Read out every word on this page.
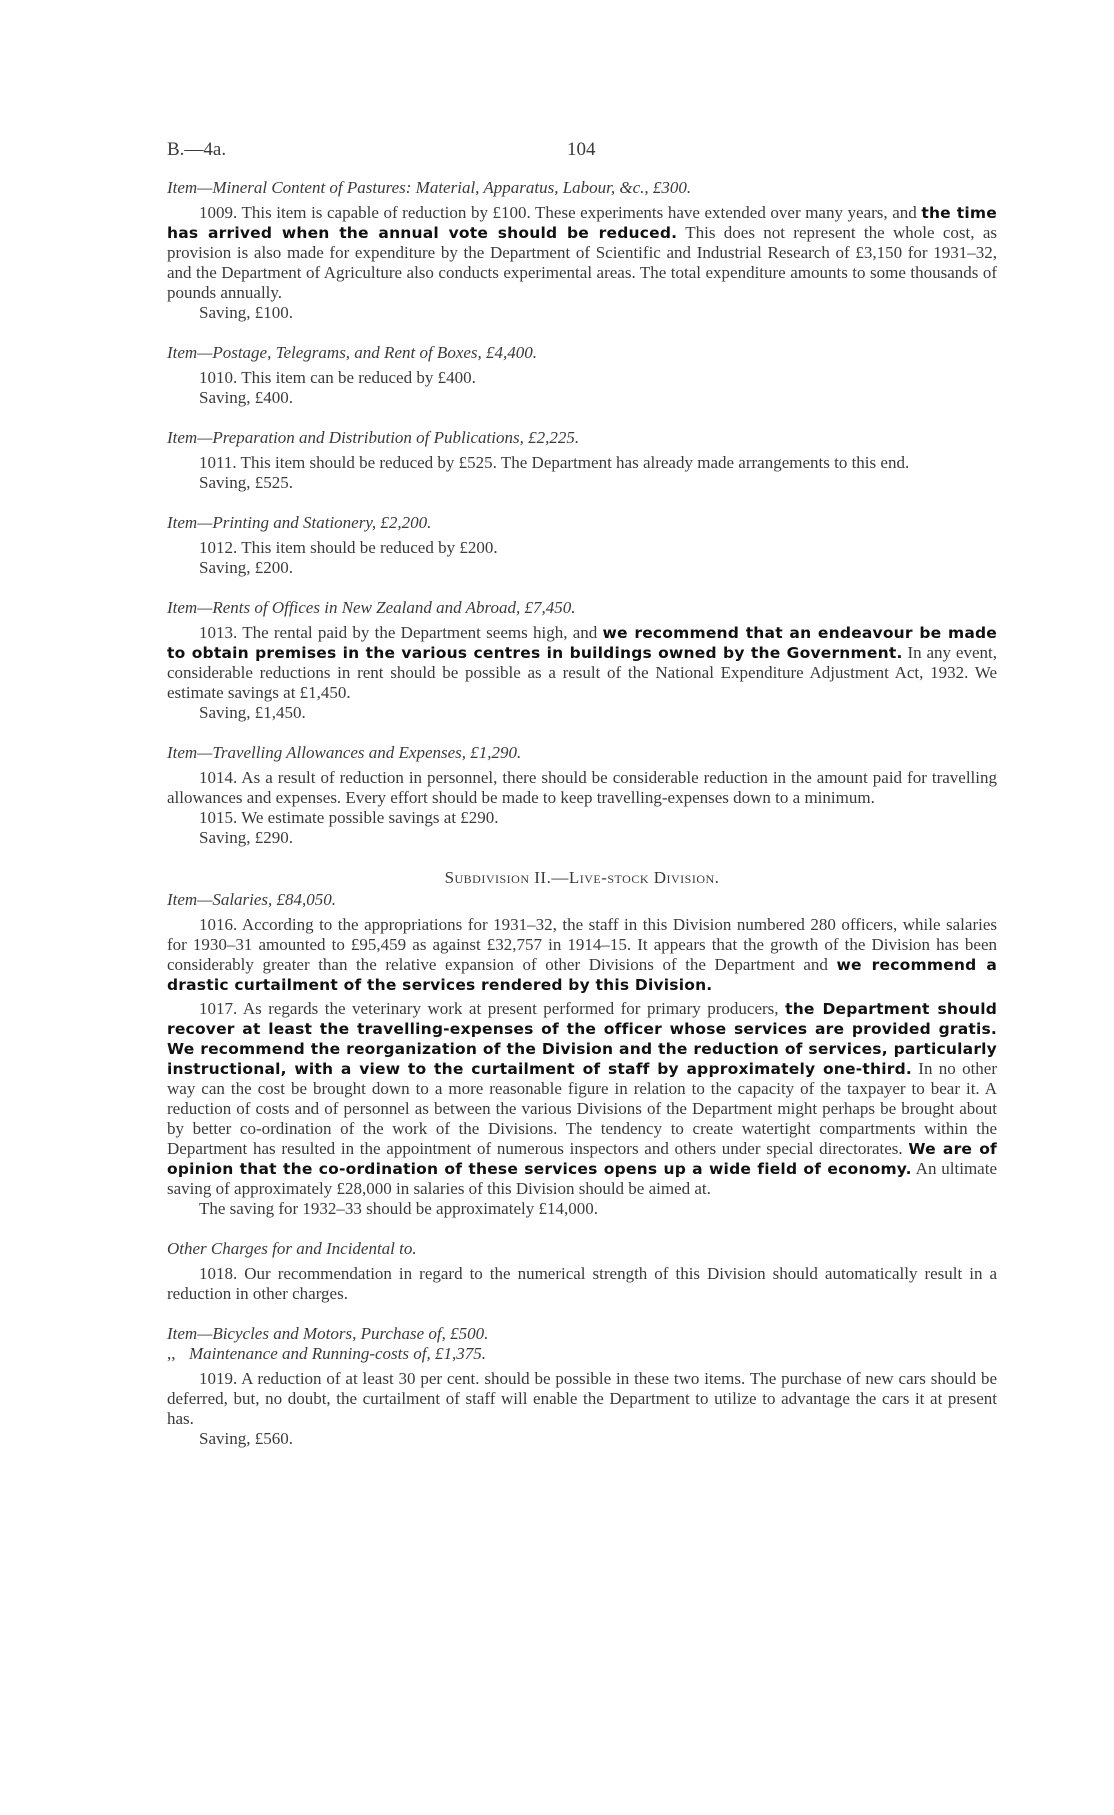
B.—4a.	104
Item—Mineral Content of Pastures: Material, Apparatus, Labour, &c., £300.

1009. This item is capable of reduction by £100. These experiments have extended over many years, and the time has arrived when the annual vote should be reduced. This does not represent the whole cost, as provision is also made for expenditure by the Department of Scientific and Industrial Research of £3,150 for 1931–32, and the Department of Agriculture also conducts experimental areas. The total expenditure amounts to some thousands of pounds annually.

Saving, £100.
Item—Postage, Telegrams, and Rent of Boxes, £4,400.

1010. This item can be reduced by £400.

Saving, £400.
Item—Preparation and Distribution of Publications, £2,225.

1011. This item should be reduced by £525. The Department has already made arrangements to this end.

Saving, £525.
Item—Printing and Stationery, £2,200.

1012. This item should be reduced by £200.

Saving, £200.
Item—Rents of Offices in New Zealand and Abroad, £7,450.

1013. The rental paid by the Department seems high, and we recommend that an endeavour be made to obtain premises in the various centres in buildings owned by the Government. In any event, considerable reductions in rent should be possible as a result of the National Expenditure Adjustment Act, 1932. We estimate savings at £1,450.

Saving, £1,450.
Item—Travelling Allowances and Expenses, £1,290.

1014. As a result of reduction in personnel, there should be considerable reduction in the amount paid for travelling allowances and expenses. Every effort should be made to keep travelling-expenses down to a minimum.

1015. We estimate possible savings at £290.

Saving, £290.
Subdivision II.—Live-stock Division.
Item—Salaries, £84,050.

1016. According to the appropriations for 1931–32, the staff in this Division numbered 280 officers, while salaries for 1930–31 amounted to £95,459 as against £32,757 in 1914–15. It appears that the growth of the Division has been considerably greater than the relative expansion of other Divisions of the Department and we recommend a drastic curtailment of the services rendered by this Division.

1017. As regards the veterinary work at present performed for primary producers, the Department should recover at least the travelling-expenses of the officer whose services are provided gratis. We recommend the reorganization of the Division and the reduction of services, particularly instructional, with a view to the curtailment of staff by approximately one-third. In no other way can the cost be brought down to a more reasonable figure in relation to the capacity of the taxpayer to bear it. A reduction of costs and of personnel as between the various Divisions of the Department might perhaps be brought about by better co-ordination of the work of the Divisions. The tendency to create watertight compartments within the Department has resulted in the appointment of numerous inspectors and others under special directorates. We are of opinion that the co-ordination of these services opens up a wide field of economy. An ultimate saving of approximately £28,000 in salaries of this Division should be aimed at.

The saving for 1932–33 should be approximately £14,000.

Other Charges for and Incidental to.

1018. Our recommendation in regard to the numerical strength of this Division should automatically result in a reduction in other charges.

Item—Bicycles and Motors, Purchase of, £500.
,, Maintenance and Running-costs of, £1,375.

1019. A reduction of at least 30 per cent. should be possible in these two items. The purchase of new cars should be deferred, but, no doubt, the curtailment of staff will enable the Department to utilize to advantage the cars it at present has.

Saving, £560.
